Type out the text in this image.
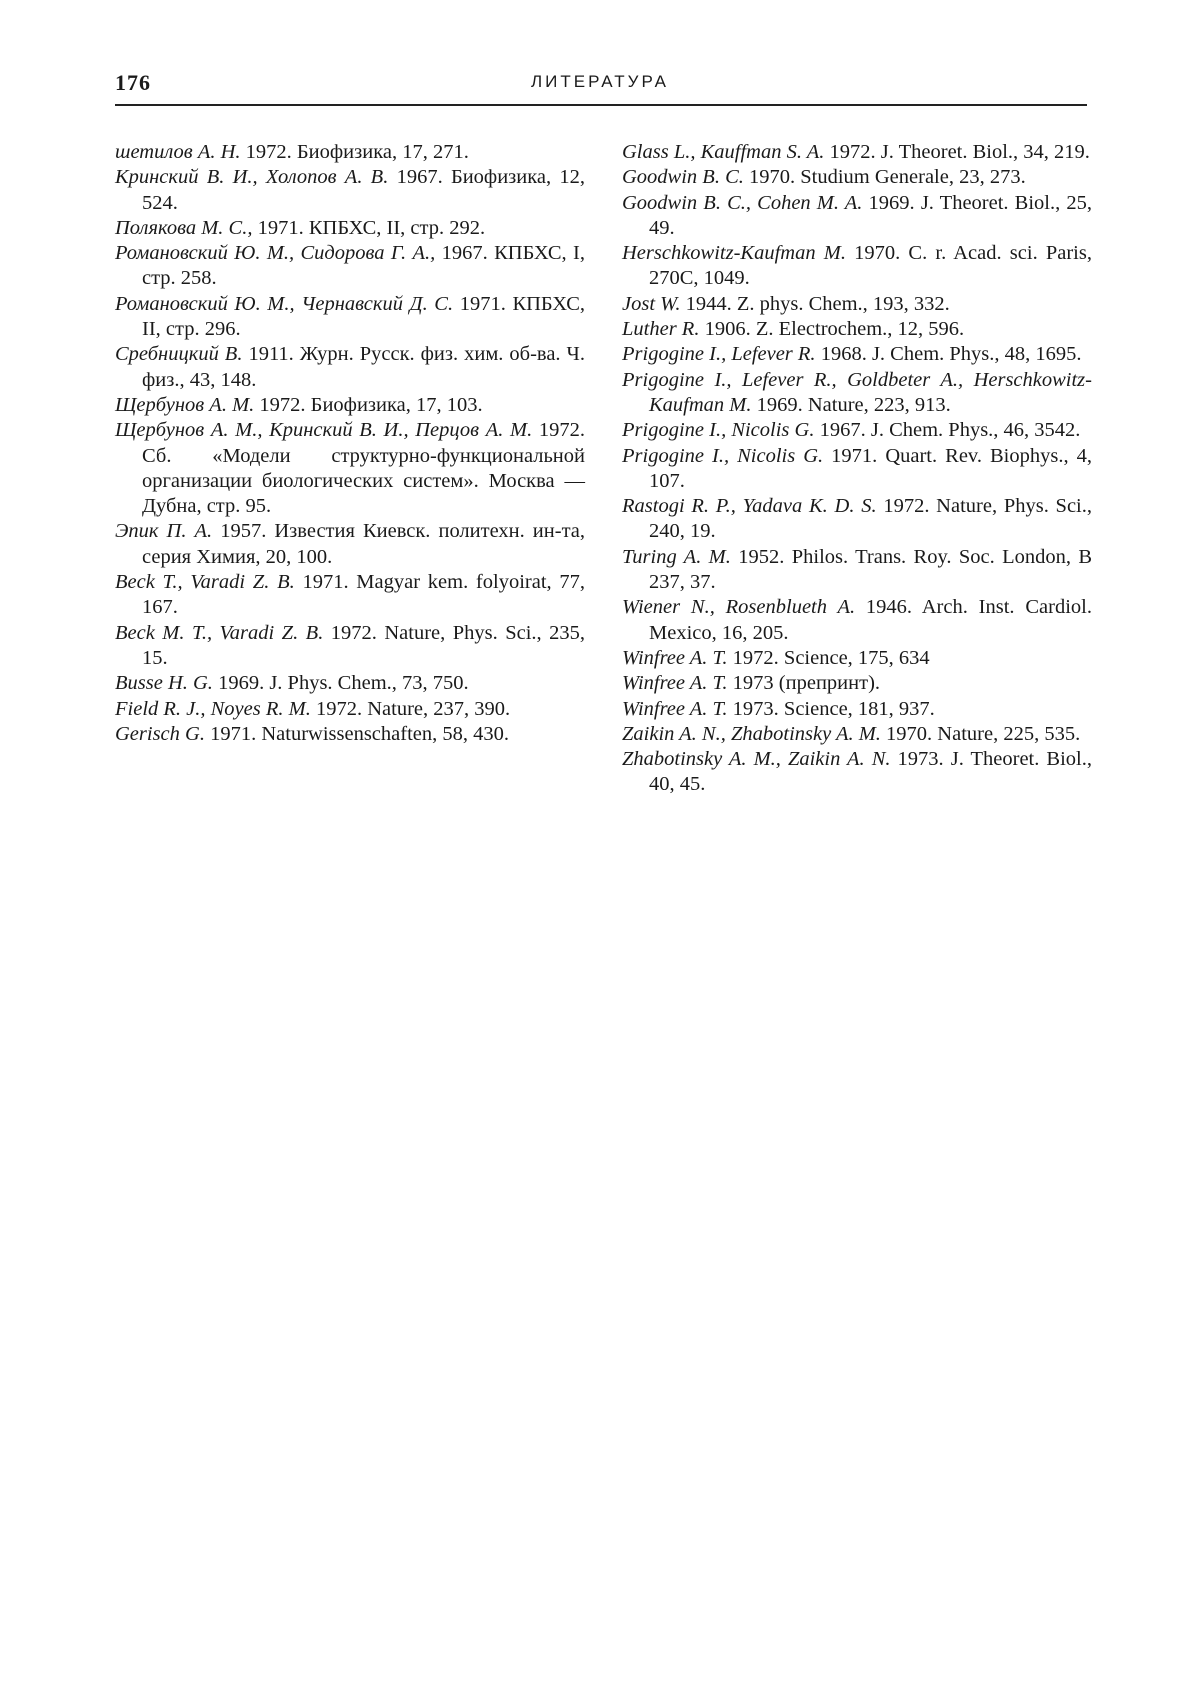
176	ЛИТЕРАТУРА

шетилов А. Н. 1972. Биофизика, 17, 271.

Кринский В. И., Холопов А. В. 1967. Биофизика, 12, 524.

Полякова М. С., 1971. КПБХС, II, стр. 292.

Романовский Ю. М., Сидорова Г. А., 1967. КПБХС, I, стр. 258.

Романовский Ю. М., Чернавский Д. С. 1971. КПБХС, II, стр. 296.

Сребницкий В. 1911. Журн. Русск. физ. хим. об-ва. Ч. физ., 43, 148.

Щербунов А. М. 1972. Биофизика, 17, 103.

Щербунов А. М., Кринский В. И., Перцов А. М. 1972. Сб. «Модели структурно-функциональной организации биологических систем». Москва — Дубна, стр. 95.

Эпик П. А. 1957. Известия Киевск. политехн. ин-та, серия Химия, 20, 100.

Beck T., Varadi Z. B. 1971. Magyar kem. folyoirat, 77, 167.

Beck M. T., Varadi Z. B. 1972. Nature, Phys. Sci., 235, 15.

Busse H. G. 1969. J. Phys. Chem., 73, 750.

Field R. J., Noyes R. M. 1972. Nature, 237, 390.

Gerisch G. 1971. Naturwissenschaften, 58, 430.

Glass L., Kauffman S. A. 1972. J. Theoret. Biol., 34, 219.

Goodwin B. C. 1970. Studium Generale, 23, 273.

Goodwin B. C., Cohen M. A. 1969. J. Theoret. Biol., 25, 49.

Herschkowitz-Kaufman M. 1970. C. r. Acad. sci. Paris, 270C, 1049.

Jost W. 1944. Z. phys. Chem., 193, 332.

Luther R. 1906. Z. Electrochem., 12, 596.

Prigogine I., Lefever R. 1968. J. Chem. Phys., 48, 1695.

Prigogine I., Lefever R., Goldbeter A., Herschkowitz-Kaufman M. 1969. Nature, 223, 913.

Prigogine I., Nicolis G. 1967. J. Chem. Phys., 46, 3542.

Prigogine I., Nicolis G. 1971. Quart. Rev. Biophys., 4, 107.

Rastogi R. P., Yadava K. D. S. 1972. Nature, Phys. Sci., 240, 19.

Turing A. M. 1952. Philos. Trans. Roy. Soc. London, B 237, 37.

Wiener N., Rosenblueth A. 1946. Arch. Inst. Cardiol. Mexico, 16, 205.

Winfree A. T. 1972. Science, 175, 634

Winfree A. T. 1973 (препринт).

Winfree A. T. 1973. Science, 181, 937.

Zaikin A. N., Zhabotinsky A. M. 1970. Nature, 225, 535.

Zhabotinsky A. M., Zaikin A. N. 1973. J. Theoret. Biol., 40, 45.
